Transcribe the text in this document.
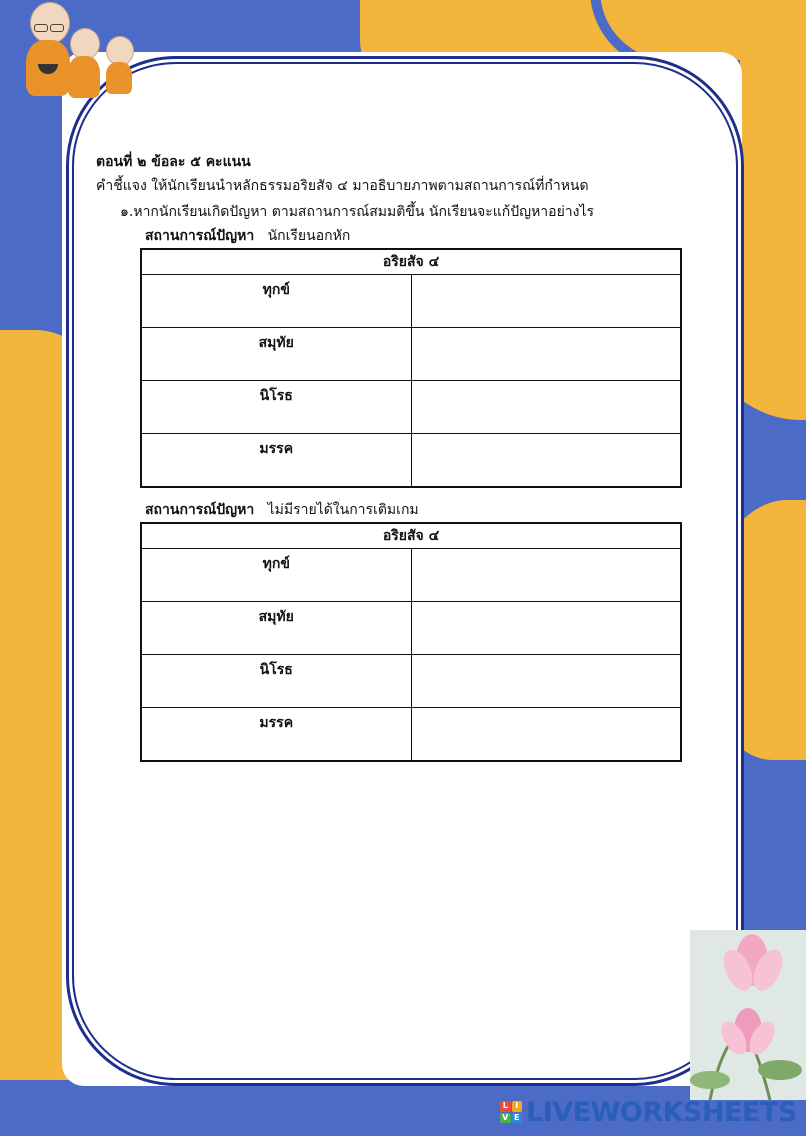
ตอนที่ ๒ ข้อละ ๕ คะแนน
คำชี้แจง ให้นักเรียนนำหลักธรรมอริยสัจ ๔ มาอธิบายภาพตามสถานการณ์ที่กำหนด
๑.หากนักเรียนเกิดปัญหา ตามสถานการณ์สมมติขึ้น นักเรียนจะแก้ปัญหาอย่างไร
สถานการณ์ปัญหา นักเรียนอกหัก
อริยสัจ ๔	
ทุกข์	
สมุทัย	
นิโรธ	
มรรค	
สถานการณ์ปัญหา ไม่มีรายได้ในการเติมเกม
อริยสัจ ๔	
ทุกข์	
สมุทัย	
นิโรธ	
มรรค	
L I
V E LIVEWORKSHEETS
